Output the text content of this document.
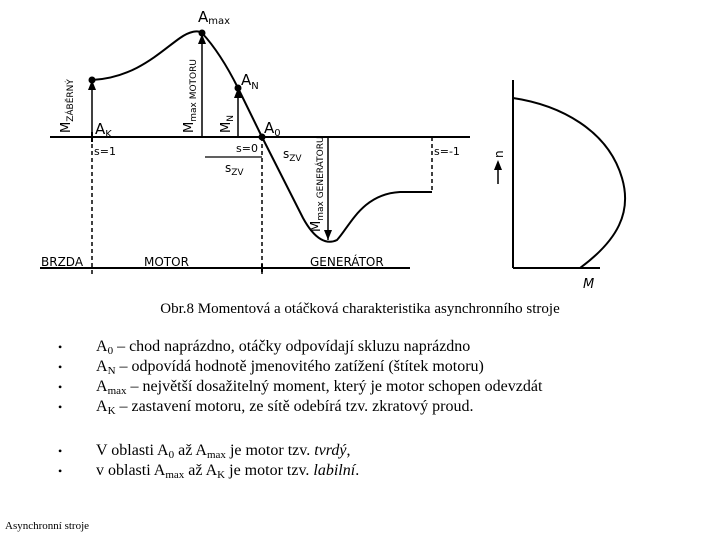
Amax
$A_N$
$A_0$
$A_K$
$M_{ZÁBĚRNÝ}$
$M_{max MOTORU}$
$M_N$
$M_{max GENERÁTORU}$
s=1	s=0	s=-1
$s_{ZV}$
$s_{ZV}$
BRZDA	MOTOR	GENERÁTOR
n
M
Obr.8 Momentová a otáčková charakteristika asynchronního stroje
• $A_0$ – chod naprázdno, otáčky odpovídají skluzu naprázdno
• $A_N$ – odpovídá hodnotě jmenovitého zatížení (štítek motoru)
• $A_{max}$ – největší dosažitelný moment, který je motor schopen odevzdát
• $A_K$ – zastavení motoru, ze sítě odebírá tzv. zkratový proud.
• V oblasti $A_0$ až $A_{max}$ je motor tzv. tvrdý,
• v oblasti $A_{max}$ až $A_K$ je motor tzv. labilní.
Asynchronní stroje
